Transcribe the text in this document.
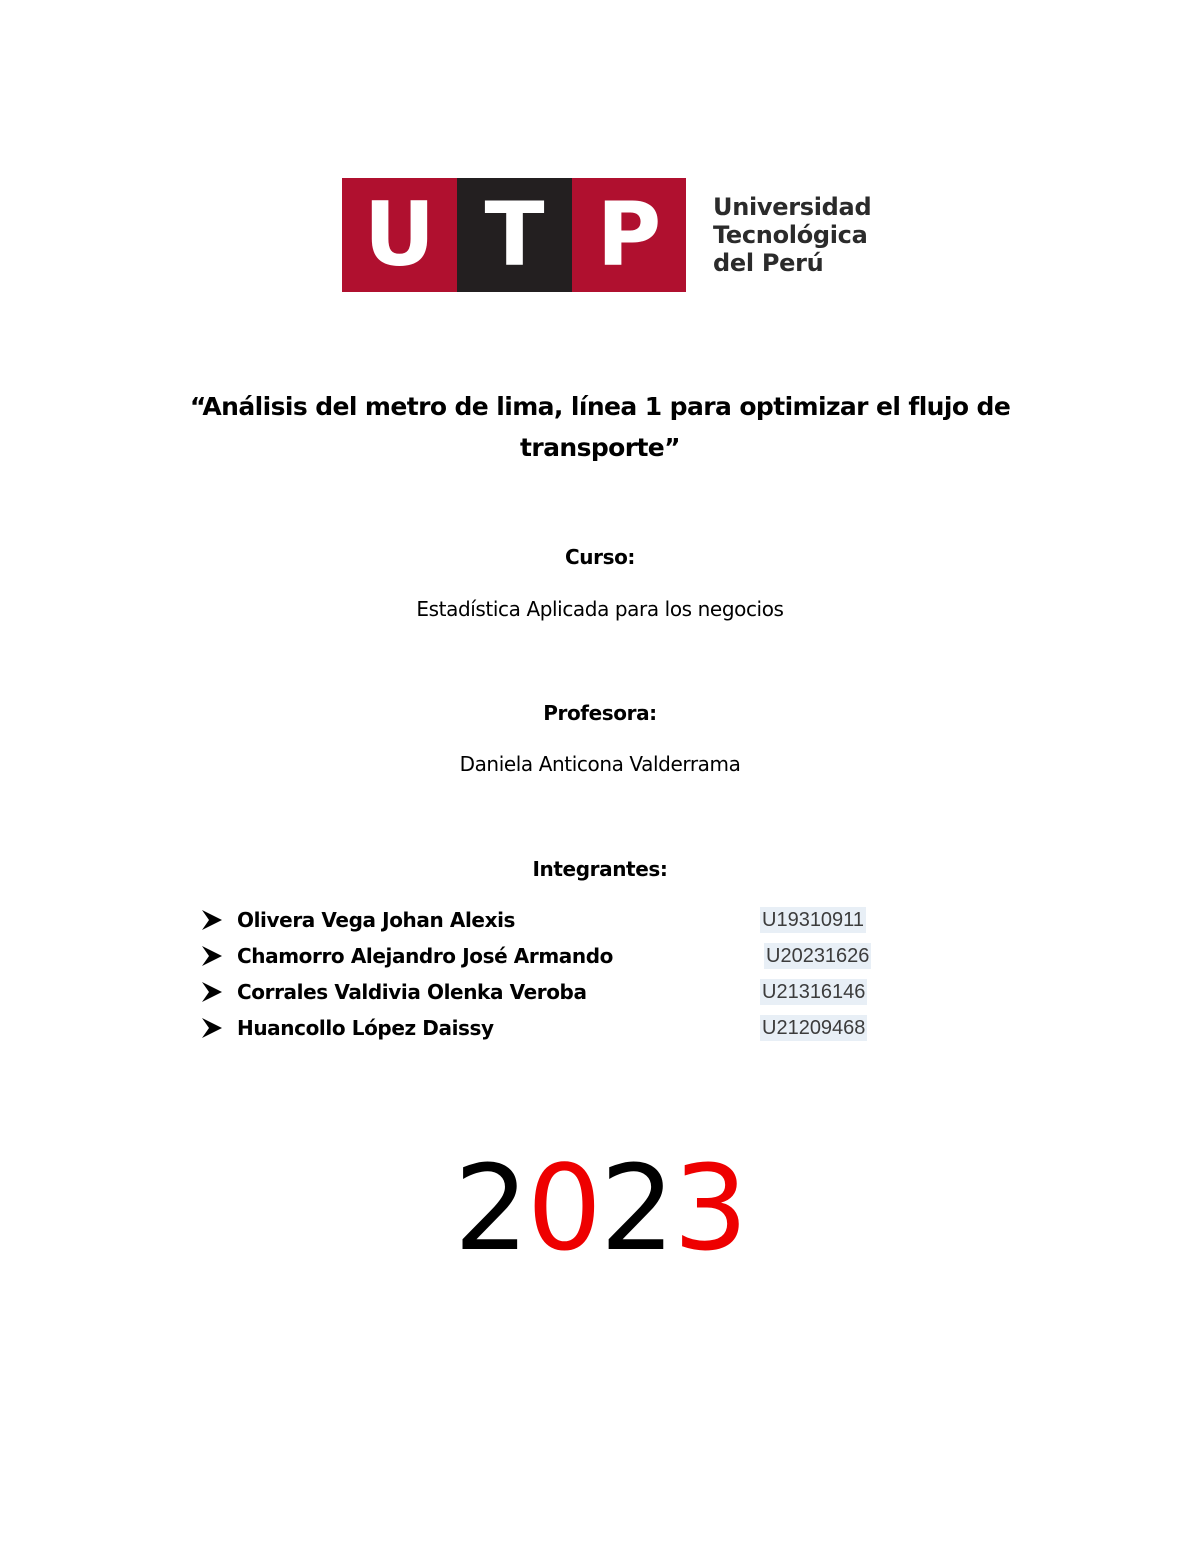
U T P	Universidad
Tecnológica
del Perú
“Análisis del metro de lima, línea 1 para optimizar el flujo de
transporte”
Curso:
Estadística Aplicada para los negocios
Profesora:
Daniela Anticona Valderrama
Integrantes:
Olivera Vega Johan Alexis	U19310911
Chamorro Alejandro José Armando	U20231626
Corrales Valdivia Olenka Veroba	U21316146
Huancollo López Daissy	U21209468
2023
